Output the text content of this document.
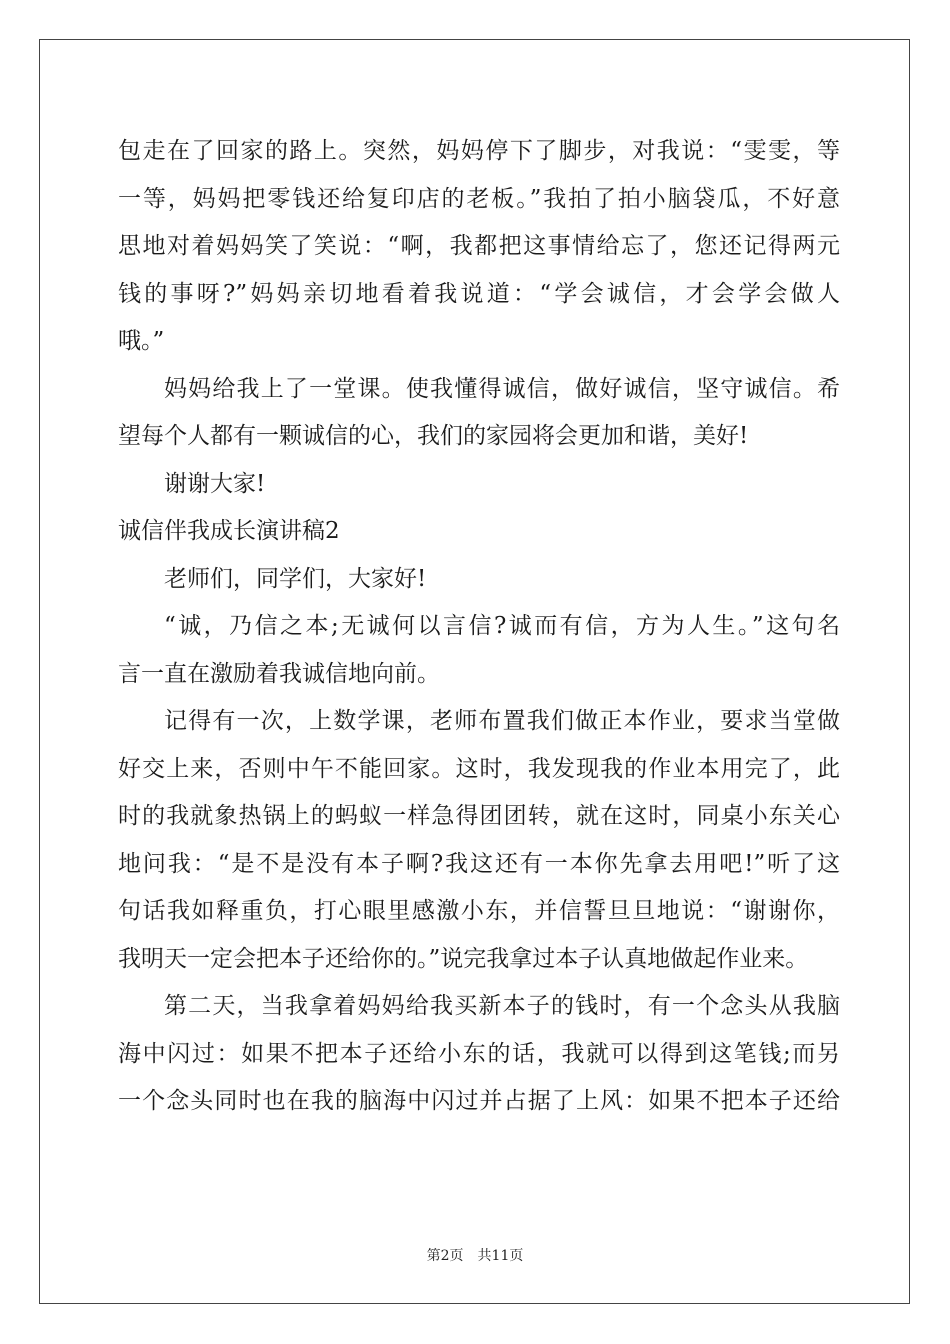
包走在了回家的路上。突然，妈妈停下了脚步，对我说：“雯雯，等
一等，妈妈把零钱还给复印店的老板。”我拍了拍小脑袋瓜，不好意
思地对着妈妈笑了笑说：“啊，我都把这事情给忘了，您还记得两元
钱的事呀?”妈妈亲切地看着我说道：“学会诚信，才会学会做人
哦。”

妈妈给我上了一堂课。使我懂得诚信，做好诚信，坚守诚信。希
望每个人都有一颗诚信的心，我们的家园将会更加和谐，美好!

谢谢大家!

诚信伴我成长演讲稿2

老师们，同学们，大家好!

“诚，乃信之本;无诚何以言信?诚而有信，方为人生。”这句名
言一直在激励着我诚信地向前。

记得有一次，上数学课，老师布置我们做正本作业，要求当堂做
好交上来，否则中午不能回家。这时，我发现我的作业本用完了，此
时的我就象热锅上的蚂蚁一样急得团团转，就在这时，同桌小东关心
地问我：“是不是没有本子啊?我这还有一本你先拿去用吧!”听了这
句话我如释重负，打心眼里感激小东，并信誓旦旦地说：“谢谢你，
我明天一定会把本子还给你的。”说完我拿过本子认真地做起作业来。

第二天，当我拿着妈妈给我买新本子的钱时，有一个念头从我脑
海中闪过：如果不把本子还给小东的话，我就可以得到这笔钱;而另
一个念头同时也在我的脑海中闪过并占据了上风：如果不把本子还给

第2页 共11页
